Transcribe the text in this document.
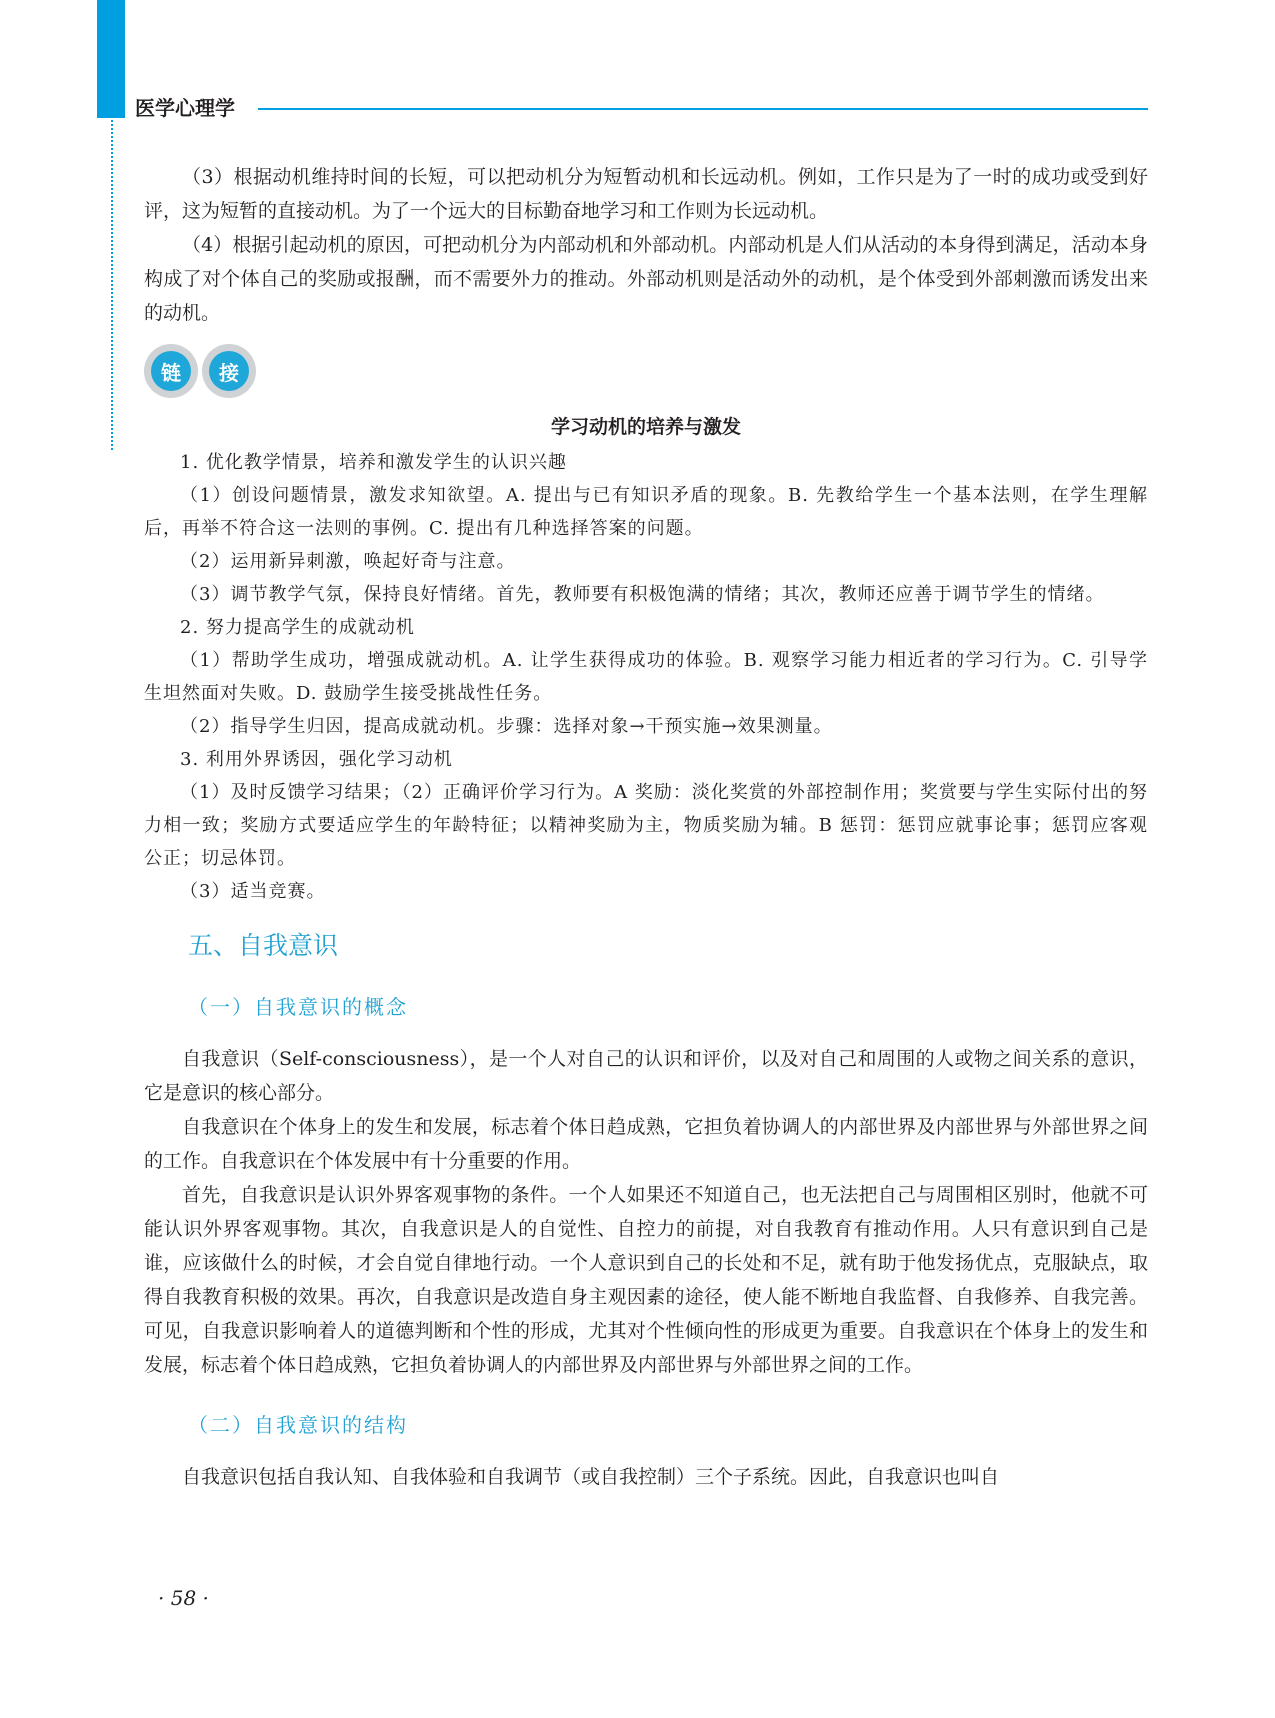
医学心理学

（3）根据动机维持时间的长短，可以把动机分为短暂动机和长远动机。例如，工作只是为了一时的成功或受到好评，这为短暂的直接动机。为了一个远大的目标勤奋地学习和工作则为长远动机。

（4）根据引起动机的原因，可把动机分为内部动机和外部动机。内部动机是人们从活动的本身得到满足，活动本身构成了对个体自己的奖励或报酬，而不需要外力的推动。外部动机则是活动外的动机，是个体受到外部刺激而诱发出来的动机。

链	接
学习动机的培养与激发

1. 优化教学情景，培养和激发学生的认识兴趣

（1）创设问题情景，激发求知欲望。A. 提出与已有知识矛盾的现象。B. 先教给学生一个基本法则，在学生理解后，再举不符合这一法则的事例。C. 提出有几种选择答案的问题。

（2）运用新异刺激，唤起好奇与注意。

（3）调节教学气氛，保持良好情绪。首先，教师要有积极饱满的情绪；其次，教师还应善于调节学生的情绪。

2. 努力提高学生的成就动机

（1）帮助学生成功，增强成就动机。A. 让学生获得成功的体验。B. 观察学习能力相近者的学习行为。C. 引导学生坦然面对失败。D. 鼓励学生接受挑战性任务。

（2）指导学生归因，提高成就动机。步骤：选择对象→干预实施→效果测量。

3. 利用外界诱因，强化学习动机

（1）及时反馈学习结果；（2）正确评价学习行为。A 奖励：淡化奖赏的外部控制作用；奖赏要与学生实际付出的努力相一致；奖励方式要适应学生的年龄特征；以精神奖励为主，物质奖励为辅。B 惩罚：惩罚应就事论事；惩罚应客观公正；切忌体罚。

（3）适当竞赛。

五、自我意识
（一）自我意识的概念

自我意识（Self-consciousness），是一个人对自己的认识和评价，以及对自己和周围的人或物之间关系的意识，它是意识的核心部分。

自我意识在个体身上的发生和发展，标志着个体日趋成熟，它担负着协调人的内部世界及内部世界与外部世界之间的工作。自我意识在个体发展中有十分重要的作用。

首先，自我意识是认识外界客观事物的条件。一个人如果还不知道自己，也无法把自己与周围相区别时，他就不可能认识外界客观事物。其次，自我意识是人的自觉性、自控力的前提，对自我教育有推动作用。人只有意识到自己是谁，应该做什么的时候，才会自觉自律地行动。一个人意识到自己的长处和不足，就有助于他发扬优点，克服缺点，取得自我教育积极的效果。再次，自我意识是改造自身主观因素的途径，使人能不断地自我监督、自我修养、自我完善。可见，自我意识影响着人的道德判断和个性的形成，尤其对个性倾向性的形成更为重要。自我意识在个体身上的发生和发展，标志着个体日趋成熟，它担负着协调人的内部世界及内部世界与外部世界之间的工作。

（二）自我意识的结构

自我意识包括自我认知、自我体验和自我调节（或自我控制）三个子系统。因此，自我意识也叫自

· 58 ·
